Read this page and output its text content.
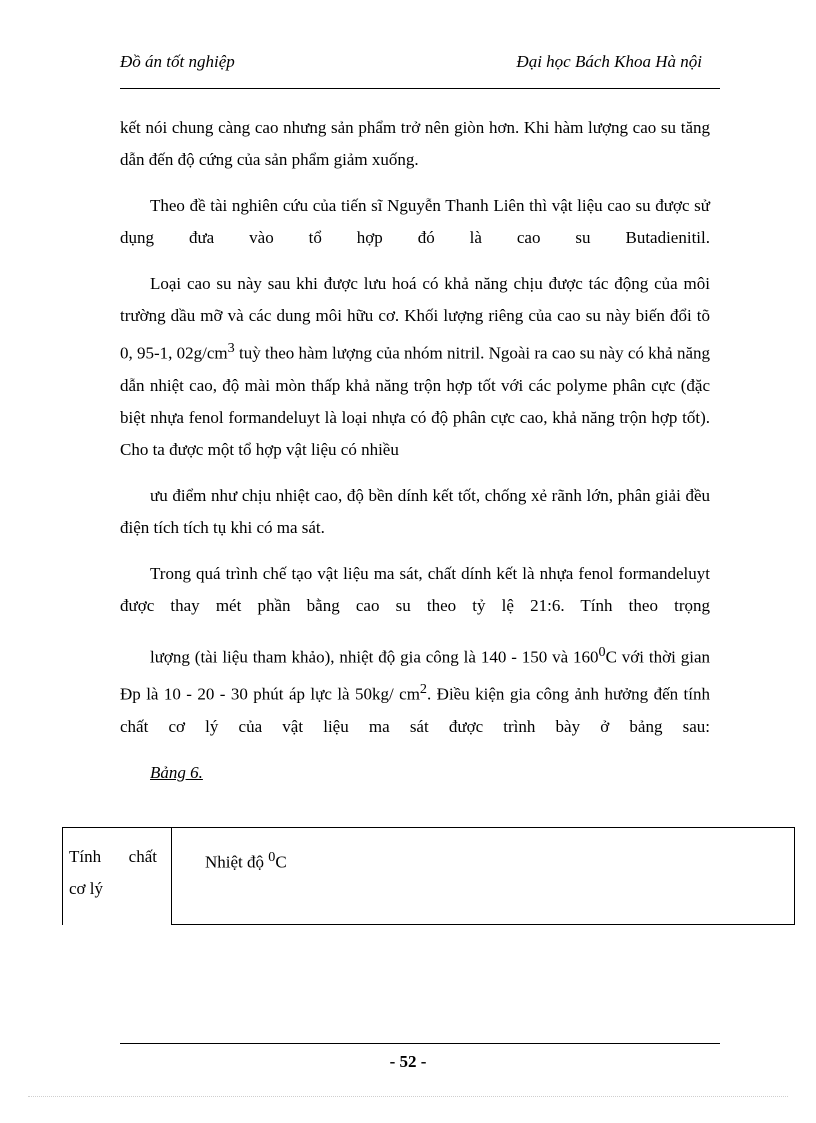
Đồ án tốt nghiệp	Đại học Bách Khoa Hà nội

kết nói chung càng cao nhưng sản phẩm trở nên giòn hơn. Khi hàm lượng cao su tăng dẫn đến độ cứng của sản phẩm giảm xuống.

Theo đề tài nghiên cứu của tiến sĩ Nguyễn Thanh Liên thì vật liệu cao su được sử dụng đưa vào tổ hợp đó là cao su Butadienitil.

Loại cao su này sau khi được lưu hoá có khả năng chịu được tác động của môi trường dầu mỡ và các dung môi hữu cơ. Khối lượng riêng của cao su này biến đổi tõ 0, 95-1, $02g/cm^3$ tuỳ theo hàm lượng của nhóm nitril. Ngoài ra cao su này có khả năng dẫn nhiệt cao, độ mài mòn thấp khả năng trộn hợp tốt với các polyme phân cực (đặc biệt nhựa fenol formandeluyt là loại nhựa có độ phân cực cao, khả năng trộn hợp tốt). Cho ta được một tổ hợp vật liệu có nhiều

ưu điểm như chịu nhiệt cao, độ bền dính kết tốt, chống xẻ rãnh lớn, phân giải đều điện tích tích tụ khi có ma sát.

Trong quá trình chế tạo vật liệu ma sát, chất dính kết là nhựa fenol formandeluyt được thay mét phần bằng cao su theo tỷ lệ 21:6. Tính theo trọng

lượng (tài liệu tham khảo), nhiệt độ gia công là 140 - 150 và $160^0C$ với thời gian Đp là 10 - 20 - 30 phút áp lực là 50kg/ $cm^2$. Điều kiện gia công ảnh hưởng đến tính chất cơ lý của vật liệu ma sát được trình bày ở bảng sau:

Bảng 6.
Tính chất
cơ lý
Nhiệt độ $^0$C
- 52 -
